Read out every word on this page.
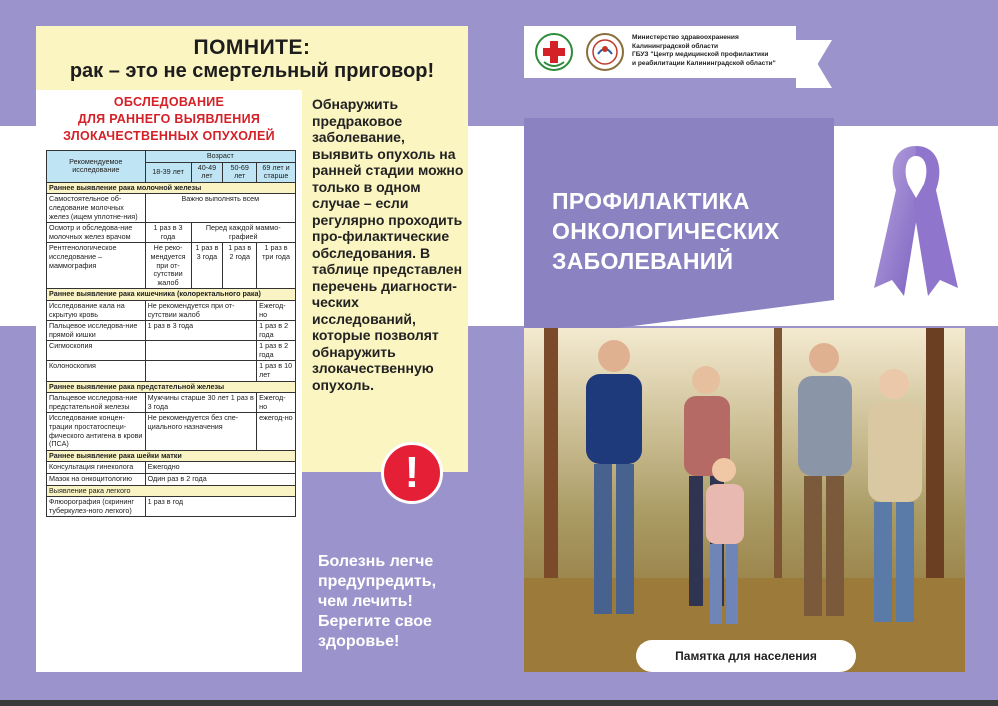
ПОМНИТЕ:
рак – это не смертельный приговор!
ОБСЛЕДОВАНИЕ
ДЛЯ РАННЕГО ВЫЯВЛЕНИЯ
ЗЛОКАЧЕСТВЕННЫХ ОПУХОЛЕЙ
Рекомендуемое исследование	Возраст			
	18-39 лет	40-49 лет	50-69 лет	69 лет и старше
Раннее выявление рака молочной железы				
Самостоятельное об-следование молочных желез (ищем уплотне-ния)	Важно выполнять всем			
Осмотр и обследова-ние молочных желез врачом	1 раз в 3 года	Перед каждой маммо-графией		
Рентгенологическое исследование – маммография	Не реко-мендуется при от-сутствии жалоб	1 раз в 3 года	1 раз в 2 года	1 раз в три года
Раннее выявление рака кишечника (колоректального рака)				
Исследование кала на скрытую кровь	Не рекомендуется при от-сутствии жалоб			Ежегод-но
Пальцевое исследова-ние прямой кишки	1 раз в 3 года			1 раз в 2 года
Сигмоскопия				1 раз в 2 года
Колоноскопия				1 раз в 10 лет
Раннее выявление рака предстательной железы				
Пальцевое исследова-ние предстательной железы	Мужчины старше 30 лет 1 раз в 3 года			Ежегод-но
Исследование концен-трации простатоспеци-фического антигена в крови (ПСА)	Не рекомендуется без спе-циального назначения			ежегод-но
Раннее выявление рака шейки матки				
Консультация гинеколога	Ежегодно			
Мазок на онкоцитологию	Один раз в 2 года			
Выявление рака легкого				
Флюорография (скрининг туберкулез-ного легкого)	1 раз в год			
Обнаружить предраковое заболевание, выявить опухоль на ранней стадии можно только в одном случае – если регулярно проходить про-филактические обследования. В таблице представлен перечень диагности-ческих исследований, которые позволят обнаружить злокачественную опухоль.
!
Болезнь легче предупредить, чем лечить! Берегите свое здоровье!
Министерство здравоохранения
Калининградской области
ГБУЗ "Центр медицинской профилактики
и реабилитации Калининградской области"
ПРОФИЛАКТИКА
ОНКОЛОГИЧЕСКИХ
ЗАБОЛЕВАНИЙ
Памятка для населения
